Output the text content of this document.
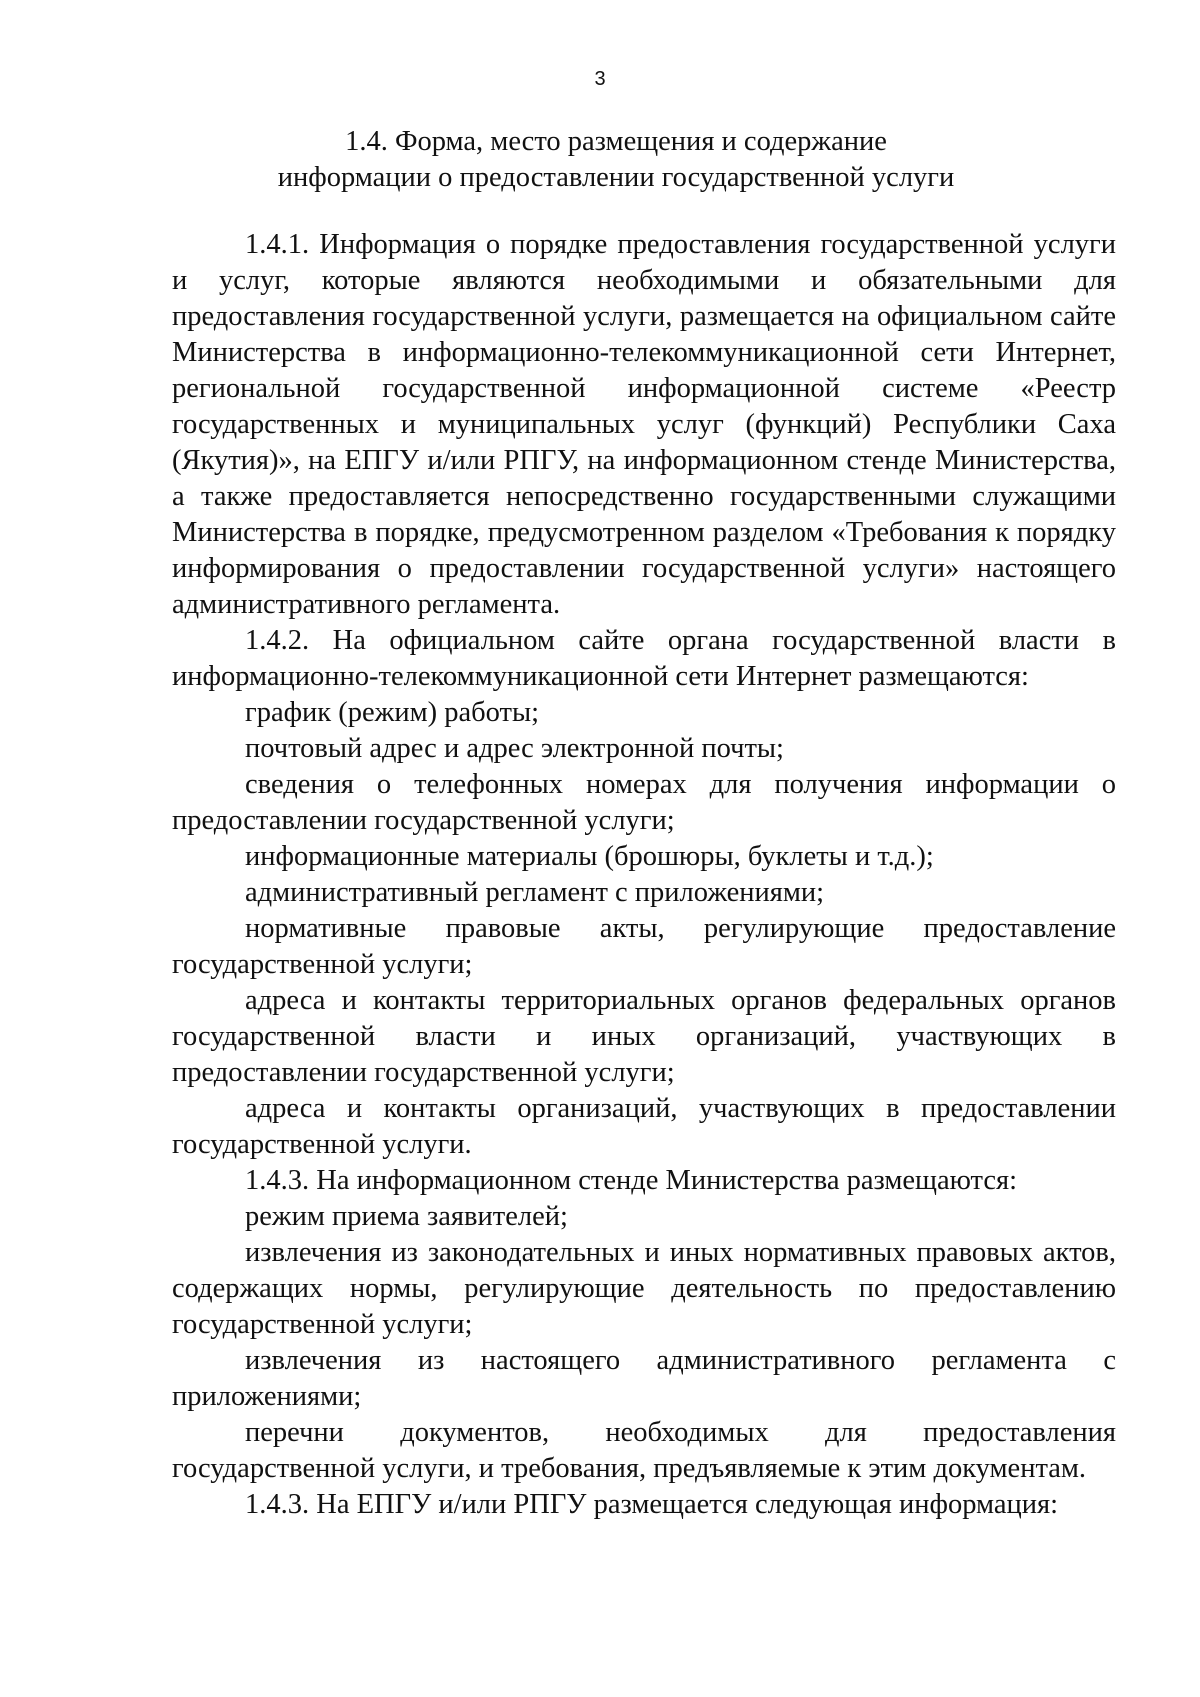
3
1.4. Форма, место размещения и содержание
информации о предоставлении государственной услуги

1.4.1. Информация о порядке предоставления государственной услуги и услуг, которые являются необходимыми и обязательными для предоставления государственной услуги, размещается на официальном сайте Министерства в информационно-телекоммуникационной сети Интернет, региональной государственной информационной системе «Реестр государственных и муниципальных услуг (функций) Республики Саха (Якутия)», на ЕПГУ и/или РПГУ, на информационном стенде Министерства, а также предоставляется непосредственно государственными служащими Министерства в порядке, предусмотренном разделом «Требования к порядку информирования о предоставлении государственной услуги» настоящего административного регламента.

1.4.2. На официальном сайте органа государственной власти в информационно-телекоммуникационной сети Интернет размещаются:

график (режим) работы;

почтовый адрес и адрес электронной почты;

сведения о телефонных номерах для получения информации о предоставлении государственной услуги;

информационные материалы (брошюры, буклеты и т.д.);

административный регламент с приложениями;

нормативные правовые акты, регулирующие предоставление государственной услуги;

адреса и контакты территориальных органов федеральных органов государственной власти и иных организаций, участвующих в предоставлении государственной услуги;

адреса и контакты организаций, участвующих в предоставлении государственной услуги.

1.4.3. На информационном стенде Министерства размещаются:

режим приема заявителей;

извлечения из законодательных и иных нормативных правовых актов, содержащих нормы, регулирующие деятельность по предоставлению государственной услуги;

извлечения из настоящего административного регламента с приложениями;

перечни документов, необходимых для предоставления государственной услуги, и требования, предъявляемые к этим документам.

1.4.3. На ЕПГУ и/или РПГУ размещается следующая информация:
